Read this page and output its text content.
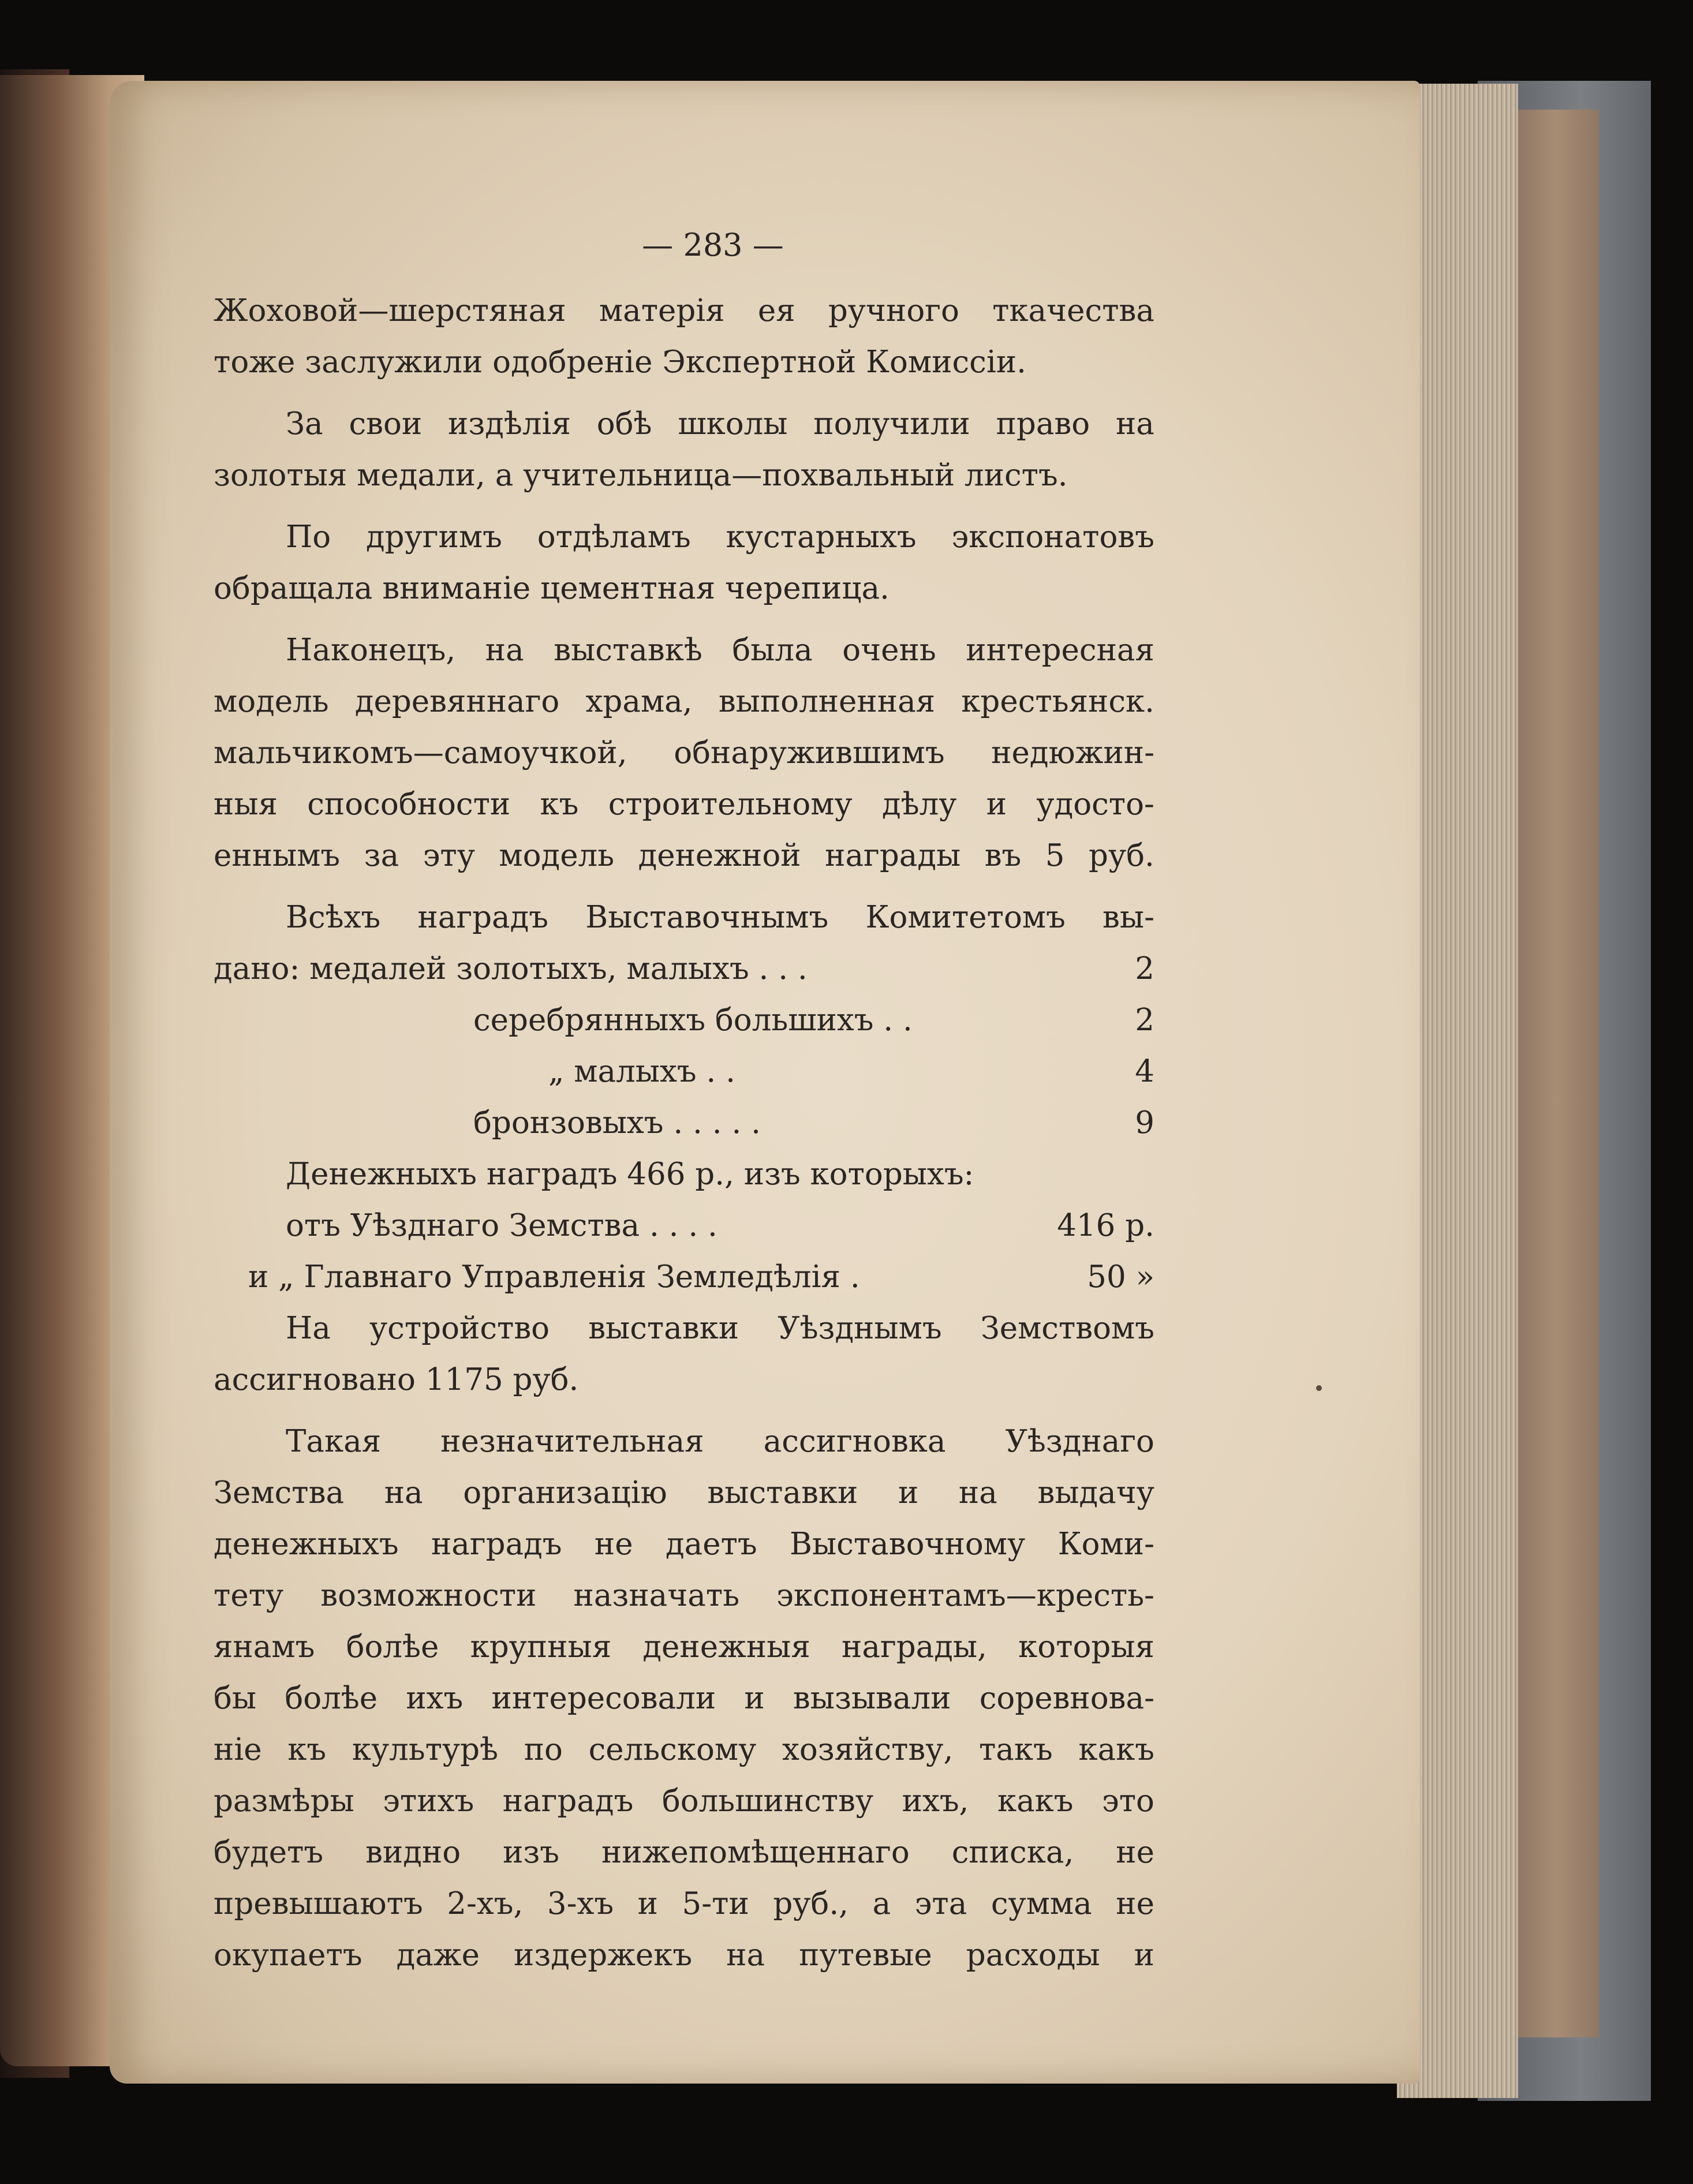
— 283 —
Жоховой—шерстяная матерія ея ручного ткачества
тоже заслужили одобреніе Экспертной Комиссіи.
За свои издѣлія обѣ школы получили право на
золотыя медали, а учительница—похвальный листъ.
По другимъ отдѣламъ кустарныхъ экспонатовъ
обращала вниманіе цементная черепица.
Наконецъ, на выставкѣ была очень интересная
модель деревяннаго храма, выполненная крестьянск.
мальчикомъ—самоучкой, обнаружившимъ недюжин-
ныя способности къ строительному дѣлу и удосто-
еннымъ за эту модель денежной награды въ 5 руб.
Всѣхъ наградъ Выставочнымъ Комитетомъ вы-
дано: медалей золотыхъ, малыхъ . . .	2
серебрянныхъ большихъ . .	2
„ малыхъ . .	4
бронзовыхъ . . . . .	9
Денежныхъ наградъ 466 р., изъ которыхъ:
отъ Уѣзднаго Земства . . . .	416 р.
и „ Главнаго Управленія Земледѣлія .	50 »
На устройство выставки Уѣзднымъ Земствомъ
ассигновано 1175 руб.
Такая незначительная ассигновка Уѣзднаго
Земства на организацію выставки и на выдачу
денежныхъ наградъ не даетъ Выставочному Коми-
тету возможности назначать экспонентамъ—кресть-
янамъ болѣе крупныя денежныя награды, которыя
бы болѣе ихъ интересовали и вызывали соревнова-
ніе къ культурѣ по сельскому хозяйству, такъ какъ
размѣры этихъ наградъ большинству ихъ, какъ это
будетъ видно изъ нижепомѣщеннаго списка, не
превышаютъ 2-хъ, 3-хъ и 5-ти руб., а эта сумма не
окупаетъ даже издержекъ на путевые расходы и
